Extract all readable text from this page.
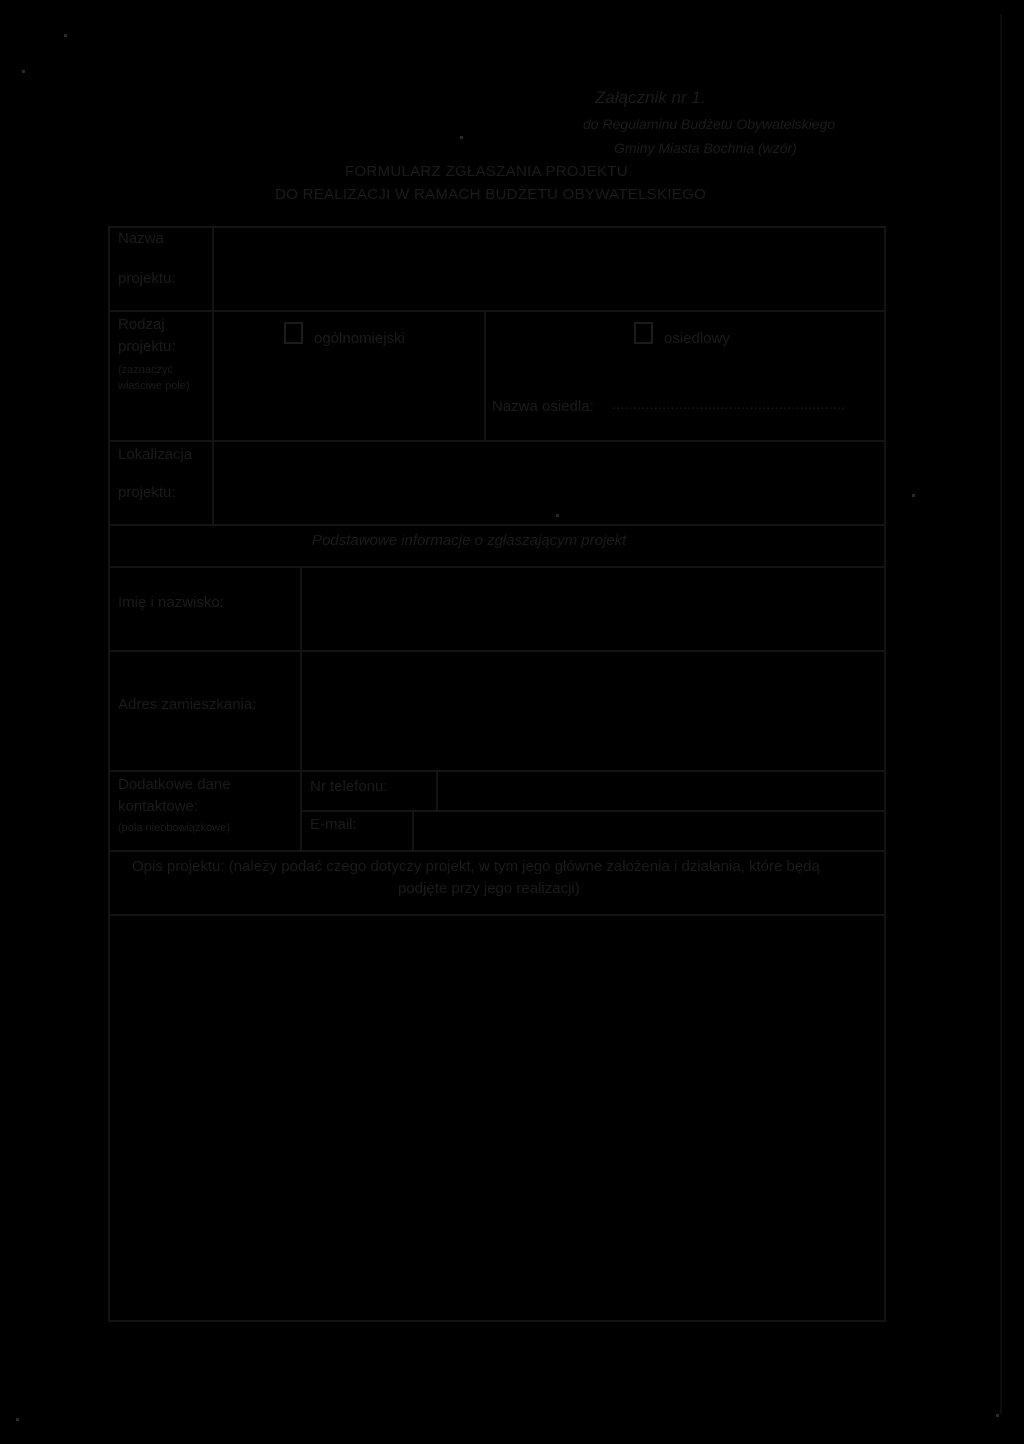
Załącznik nr 1.
do Regulaminu Budżetu Obywatelskiego
Gminy Miasta Bochnia (wzór)
FORMULARZ ZGŁASZANIA PROJEKTU
DO REALIZACJI W RAMACH BUDŻETU OBYWATELSKIEGO
Nazwa
projektu:
Rodzaj
projektu:
(zaznaczyć
właściwe pole)
ogólnomiejski	osiedlowy
Nazwa osiedla: ........................................................
Lokalizacja
projektu:
Podstawowe informacje o zgłaszającym projekt
Imię i nazwisko:
Adres zamieszkania:
Dodatkowe dane
kontaktowe:
(pola nieobowiązkowe)
Nr telefonu:
E-mail:
Opis projektu: (należy podać czego dotyczy projekt, w tym jego główne założenia i działania, które będą
podjęte przy jego realizacji)
